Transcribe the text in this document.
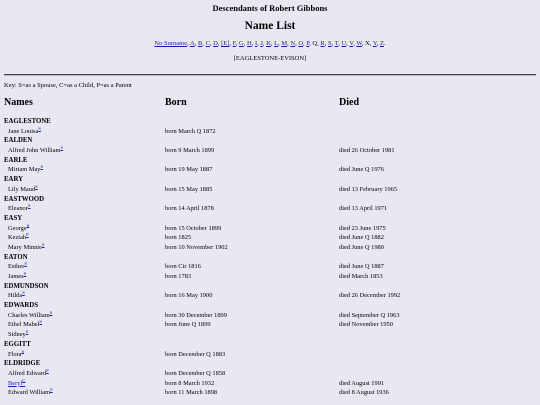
Descendants of Robert Gibbons
Name List
No Surname, A, B, C, D, [E], F, G, H, I, J, K, L, M, N, O, P, Q, R, S, T, U, V, W, X, Y, Z.
[EAGLESTONE-EVISON]
Key: S=as a Spouse, C=as a Child, P=as a Parent
Names	Born	Died
EAGLESTONE
Jane Louisa$^S$	born March Q 1872
EALDEN
Alfred John William$^S$	born 9 March 1899	died 26 October 1981
EARLE
Miriam May$^S$	born 19 May 1887	died June Q 1976
EARY
Lily Maud$^S$	born 15 May 1885	died 13 February 1965
EASTWOOD
Eleanor$^S$	born 14 April 1878	died 13 April 1971
EASY
George$^S$	born 15 October 1899	died 23 June 1975
Keziah$^P$	born 1825	died June Q 1882
Mary Minnie$^S$	born 10 November 1902	died June Q 1980
EATON
Esther$^S$	born Cir 1816	died June Q 1887
James$^S$	born 1783	died March 1853
EDMUNDSON
Hilda$^S$	born 16 May 1900	died 26 December 1992
EDWARDS
Charles William$^S$	born 30 December 1899	died September Q 1963
Ethel Mabel$^S$	born June Q 1899	died November 1950
Sidney$^S$
EGGITT
Flora$^S$	born December Q 1883
ELDRIDGE
Alfred Edward$^P$	born December Q 1858
Beryl$^C$	born 8 March 1932	died August 1991
Edward William$^S$	born 11 March 1898	died 8 August 1936
